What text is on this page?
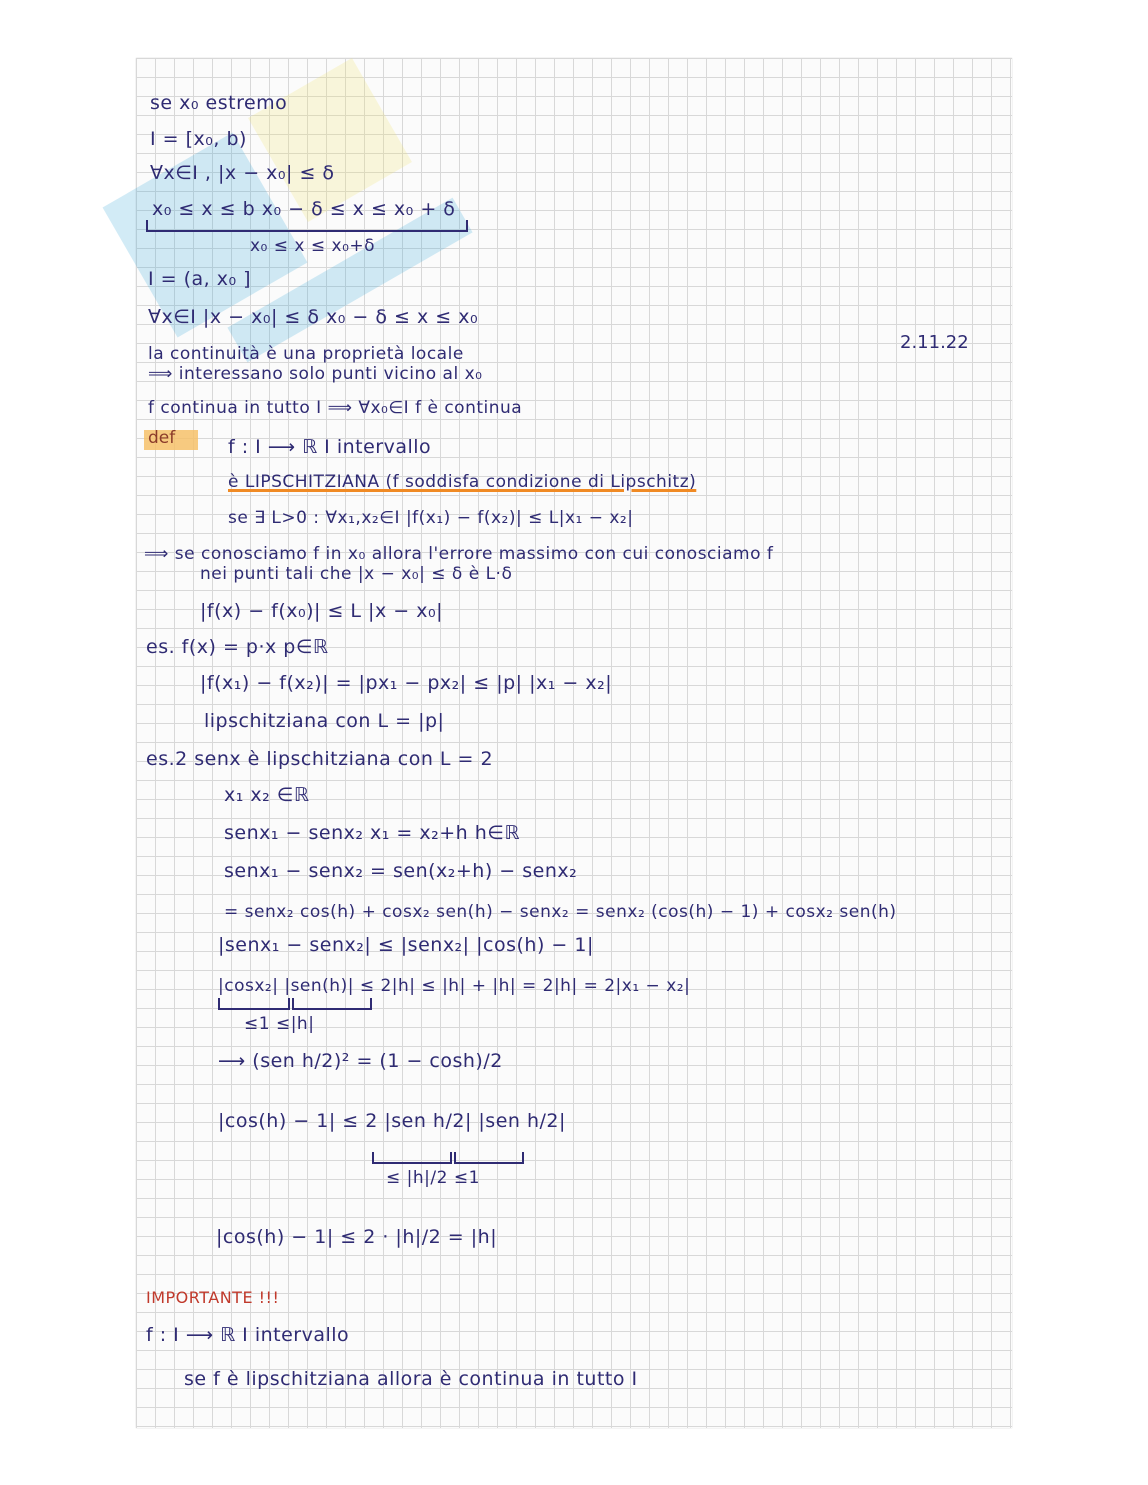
def
2.11.22
se x₀ estremo
I = [x₀, b)
∀x∈I , |x − x₀| ≤ δ
x₀ ≤ x ≤ b x₀ − δ ≤ x ≤ x₀ + δ
x₀ ≤ x ≤ x₀+δ
I = (a, x₀ ]
∀x∈I |x − x₀| ≤ δ x₀ − δ ≤ x ≤ x₀
la continuità è una proprietà locale
⟹ interessano solo punti vicino al x₀
f continua in tutto I ⟹ ∀x₀∈I f è continua
f : I ⟶ ℝ I intervallo
è LIPSCHITZIANA (f soddisfa condizione di Lipschitz)
se ∃ L>0 : ∀x₁,x₂∈I |f(x₁) − f(x₂)| ≤ L|x₁ − x₂|
⟹ se conosciamo f in x₀ allora l'errore massimo con cui conosciamo f
nei punti tali che |x − x₀| ≤ δ è L·δ
|f(x) − f(x₀)| ≤ L |x − x₀|
es. f(x) = p·x p∈ℝ
|f(x₁) − f(x₂)| = |px₁ − px₂| ≤ |p| |x₁ − x₂|
lipschitziana con L = |p|
es.2 senx è lipschitziana con L = 2
x₁ x₂ ∈ℝ
senx₁ − senx₂ x₁ = x₂+h h∈ℝ
senx₁ − senx₂ = sen(x₂+h) − senx₂
= senx₂ cos(h) + cosx₂ sen(h) − senx₂ = senx₂ (cos(h) − 1) + cosx₂ sen(h)
|senx₁ − senx₂| ≤ |senx₂| |cos(h) − 1|
|cosx₂| |sen(h)| ≤ 2|h| ≤ |h| + |h| = 2|h| = 2|x₁ − x₂|
≤1 ≤|h|
⟶ (sen h/2)² = (1 − cosh)/2
|cos(h) − 1| ≤ 2 |sen h/2| |sen h/2|
≤ |h|/2 ≤1
|cos(h) − 1| ≤ 2 · |h|/2 = |h|
IMPORTANTE !!!
f : I ⟶ ℝ I intervallo
se f è lipschitziana allora è continua in tutto I
